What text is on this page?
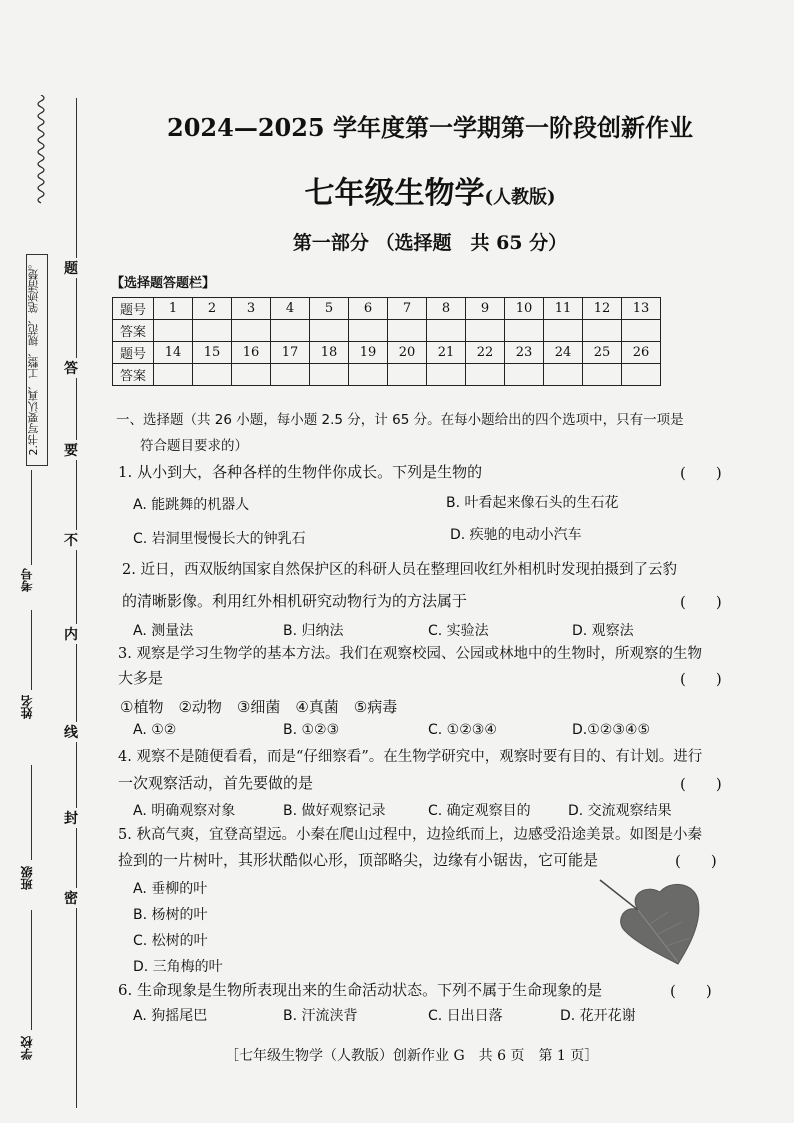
2.书写要认真、工整、规范、笔迹清楚。	题
答
要
不
内
线
封
密
考号
姓名
班级
学校
2024—2025 学年度第一学期第一阶段创新作业
七年级生物学(人教版)
第一部分 （选择题　共 65 分）
【选择题答题栏】
题号	1	2	3	4	5	6	7	8	9	10	11	12	13
答案													
题号	14	15	16	17	18	19	20	21	22	23	24	25	26
答案													
一、选择题（共 26 小题，每小题 2.5 分，计 65 分。在每小题给出的四个选项中，只有一项是
符合题目要求的）
1. 从小到大，各种各样的生物伴你成长。下列是生物的	(　　)
A. 能跳舞的机器人	B. 叶看起来像石头的生石花
C. 岩洞里慢慢长大的钟乳石	D. 疾驰的电动小汽车
2. 近日，西双版纳国家自然保护区的科研人员在整理回收红外相机时发现拍摄到了云豹
的清晰影像。利用红外相机研究动物行为的方法属于	(　　)
A. 测量法	B. 归纳法	C. 实验法	D. 观察法
3. 观察是学习生物学的基本方法。我们在观察校园、公园或林地中的生物时，所观察的生物
大多是	(　　)
①植物　②动物　③细菌　④真菌　⑤病毒
A. ①②	B. ①②③	C. ①②③④	D.①②③④⑤
4. 观察不是随便看看，而是“仔细察看”。在生物学研究中，观察时要有目的、有计划。进行
一次观察活动，首先要做的是	(　　)
A. 明确观察对象	B. 做好观察记录	C. 确定观察目的	D. 交流观察结果
5. 秋高气爽，宜登高望远。小秦在爬山过程中，边捡纸而上，边感受沿途美景。如图是小秦
捡到的一片树叶，其形状酷似心形，顶部略尖，边缘有小锯齿，它可能是	(　　)
A. 垂柳的叶
B. 杨树的叶
C. 松树的叶
D. 三角梅的叶
6. 生命现象是生物所表现出来的生命活动状态。下列不属于生命现象的是	(　　)
A. 狗摇尾巴	B. 汗流浃背	C. 日出日落	D. 花开花谢
［七年级生物学（人教版）创新作业 G　共 6 页　第 1 页］
